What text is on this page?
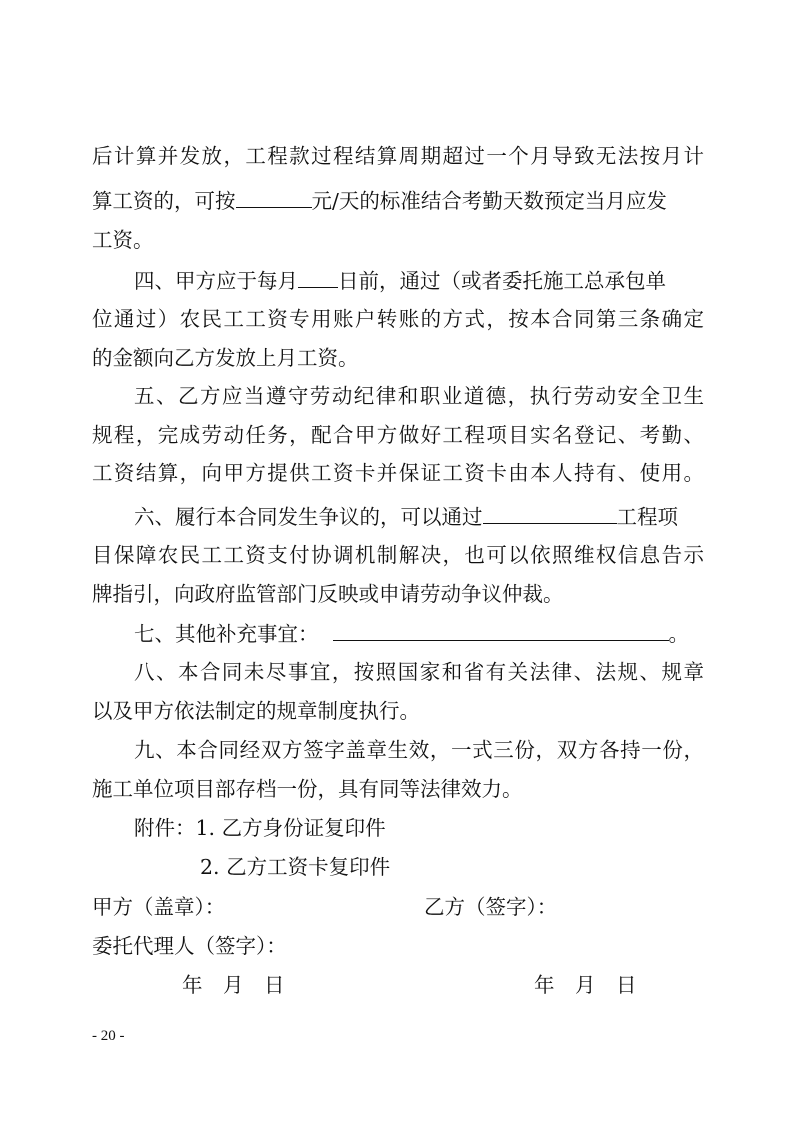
后计算并发放，工程款过程结算周期超过一个月导致无法按月计
算工资的，可按	元/天的标准结合考勤天数预定当月应发
工资。
四、甲方应于每月 日前，通过（或者委托施工总承包单
位通过）农民工工资专用账户转账的方式，按本合同第三条确定
的金额向乙方发放上月工资。
五、乙方应当遵守劳动纪律和职业道德，执行劳动安全卫生
规程，完成劳动任务，配合甲方做好工程项目实名登记、考勤、
工资结算，向甲方提供工资卡并保证工资卡由本人持有、使用。
六、履行本合同发生争议的，可以通过	工程项
目保障农民工工资支付协调机制解决，也可以依照维权信息告示
牌指引，向政府监管部门反映或申请劳动争议仲裁。
七、其他补充事宜：	。
八、本合同未尽事宜，按照国家和省有关法律、法规、规章
以及甲方依法制定的规章制度执行。
九、本合同经双方签字盖章生效，一式三份，双方各持一份，
施工单位项目部存档一份，具有同等法律效力。
附件：1. 乙方身份证复印件
2. 乙方工资卡复印件
甲方（盖章）：	乙方（签字）：
委托代理人（签字）：
年　月　日	年　月　日
- 20 -
